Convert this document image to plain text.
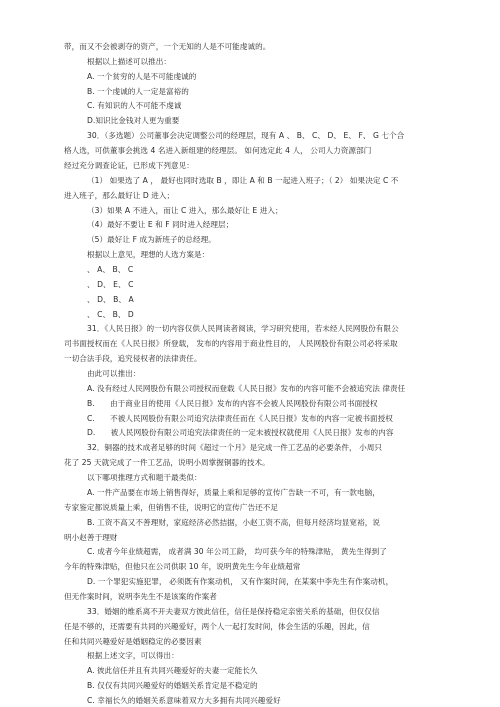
带，而又不会被剥夺的资产，一个无知的人是不可能虔诚的。
根据以上描述可以推出：
A. 一个贫穷的人是不可能虔诚的
B. 一个虔诚的人一定是富裕的
C. 有知识的人不可能不虔诚
D.知识比金钱对人更为重要
30．（多选题）公司董事会决定调整公司的经理层，现有 A 、 B、 C、 D、 E、 F、 G 七个合
格人选，可供董事会挑选 4 名进入新组建的经理层。 如何选定此 4 人， 公司人力资源部门
经过充分调查论证，已形成下列意见：
（1） 如果选了 A ， 最好也同时选取 B ，即让 A 和 B 一起进入班子；（ 2） 如果决定 C 不
进入班子，那么最好让 D 进入；
（3）如果 A 不进入，而让 C 进入，那么最好让 E 进入；
（4）最好不要让 E 和 F 同时进入经理层；
（5）最好让 F 成为新班子的总经理。
根据以上意见，理想的人选方案是：
、 A、 B、 C
、 D、 E、 C
、 D、 B、 A
、 C、 B、 D
31．《人民日报》的一切内容仅供人民网读者阅读，学习研究使用，若未经人民网股份有限公
司书面授权而在《人民日报》所登载， 发布的内容用于商业性目的， 人民网股份有限公司必将采取
一切合法手段，追究侵权者的法律责任。
由此可以推出：
A. 没有经过人民网股份有限公司授权而登载《人民日报》发布的内容可能不会被追究法 律责任
B.　　由于商业目的使用《人民日报》发布的内容不会被人民网股份有限公司书面授权
C.　　不被人民网股份有限公司追究法律责任而在《人民日报》发布的内容一定被书面授权
D.　　被人民网股份有限公司追究法律责任的一定未被授权就使用《人民日报》发布的内容
32．铜器的技术成者足够的时间《超过一个月》是完成一件工艺品的必要条件， 小周只
花了 25 天就完成了一件工艺品，说明小周掌握铜器的技术。
以下哪项推理方式和题干最类似：
A. 一件产品要在市场上销售得好，质量上乘和足够的宣传广告缺一不可，有一款电脑，
专家鉴定都说质量上乘，但销售不佳，说明它的宣传广告还不足
B. 工资不高又不善理财，家庭经济必然拮据，小赵工资不高，但每月经济均显宽裕，说
明小赵善于理财
C. 成者今年业绩超需， 成者满 30 年公司工龄， 均可获今年的特殊津贴， 黄先生得到了
今年的特殊津贴，但他只在公司供职 10 年，说明黄先生今年业绩超常
D. 一个罪犯实施犯罪， 必须既有作案动机， 又有作案时间，在某案中李先生有作案动机，
但无作案时间，说明李先生不是该案的作案者
33．婚姻的维系离不开夫妻双方彼此信任，信任是保持稳定亲密关系的基础，但仅仅信
任是不够的，还需要有共同的兴趣爱好，两个人一起打发时间，体会生活的乐趣，因此，信
任和共同兴趣爱好是婚姻稳定的必要因素
根据上述文字，可以得出：
A. 彼此信任并且有共同兴趣爱好的夫妻一定能长久
B. 仅仅有共同兴趣爱好的婚姻关系肯定是不稳定的
C. 幸福长久的婚姻关系意味着双方大多拥有共同兴趣爱好
